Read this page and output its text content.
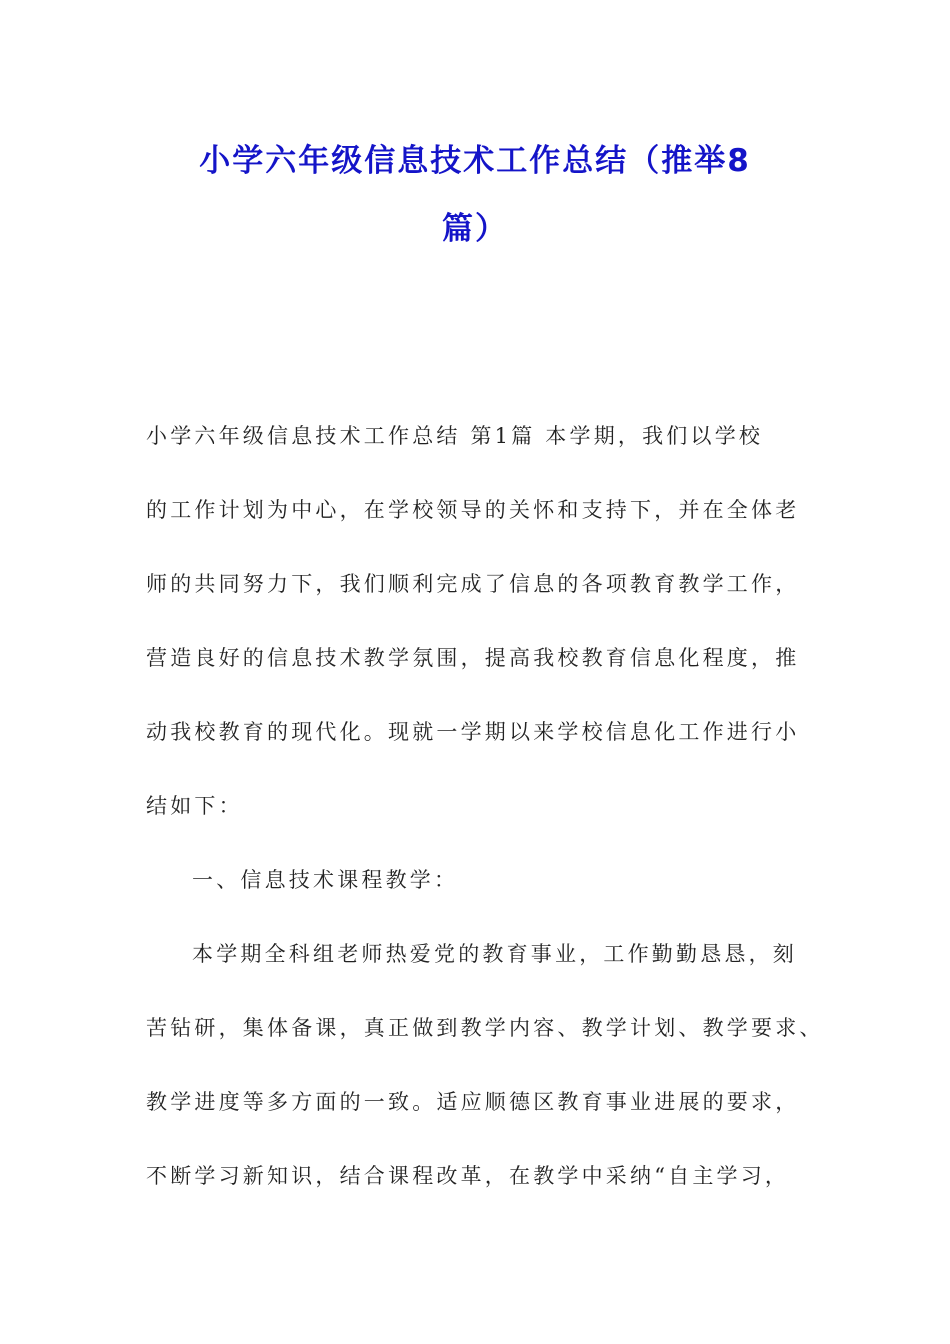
小学六年级信息技术工作总结（推举8
篇）
小学六年级信息技术工作总结 第1篇 本学期，我们以学校
的工作计划为中心，在学校领导的关怀和支持下，并在全体老
师的共同努力下，我们顺利完成了信息的各项教育教学工作，
营造良好的信息技术教学氛围，提高我校教育信息化程度，推
动我校教育的现代化。现就一学期以来学校信息化工作进行小
结如下：
一、信息技术课程教学：
本学期全科组老师热爱党的教育事业，工作勤勤恳恳，刻
苦钻研，集体备课，真正做到教学内容、教学计划、教学要求、
教学进度等多方面的一致。适应顺德区教育事业进展的要求，
不断学习新知识，结合课程改革，在教学中采纳“自主学习，
